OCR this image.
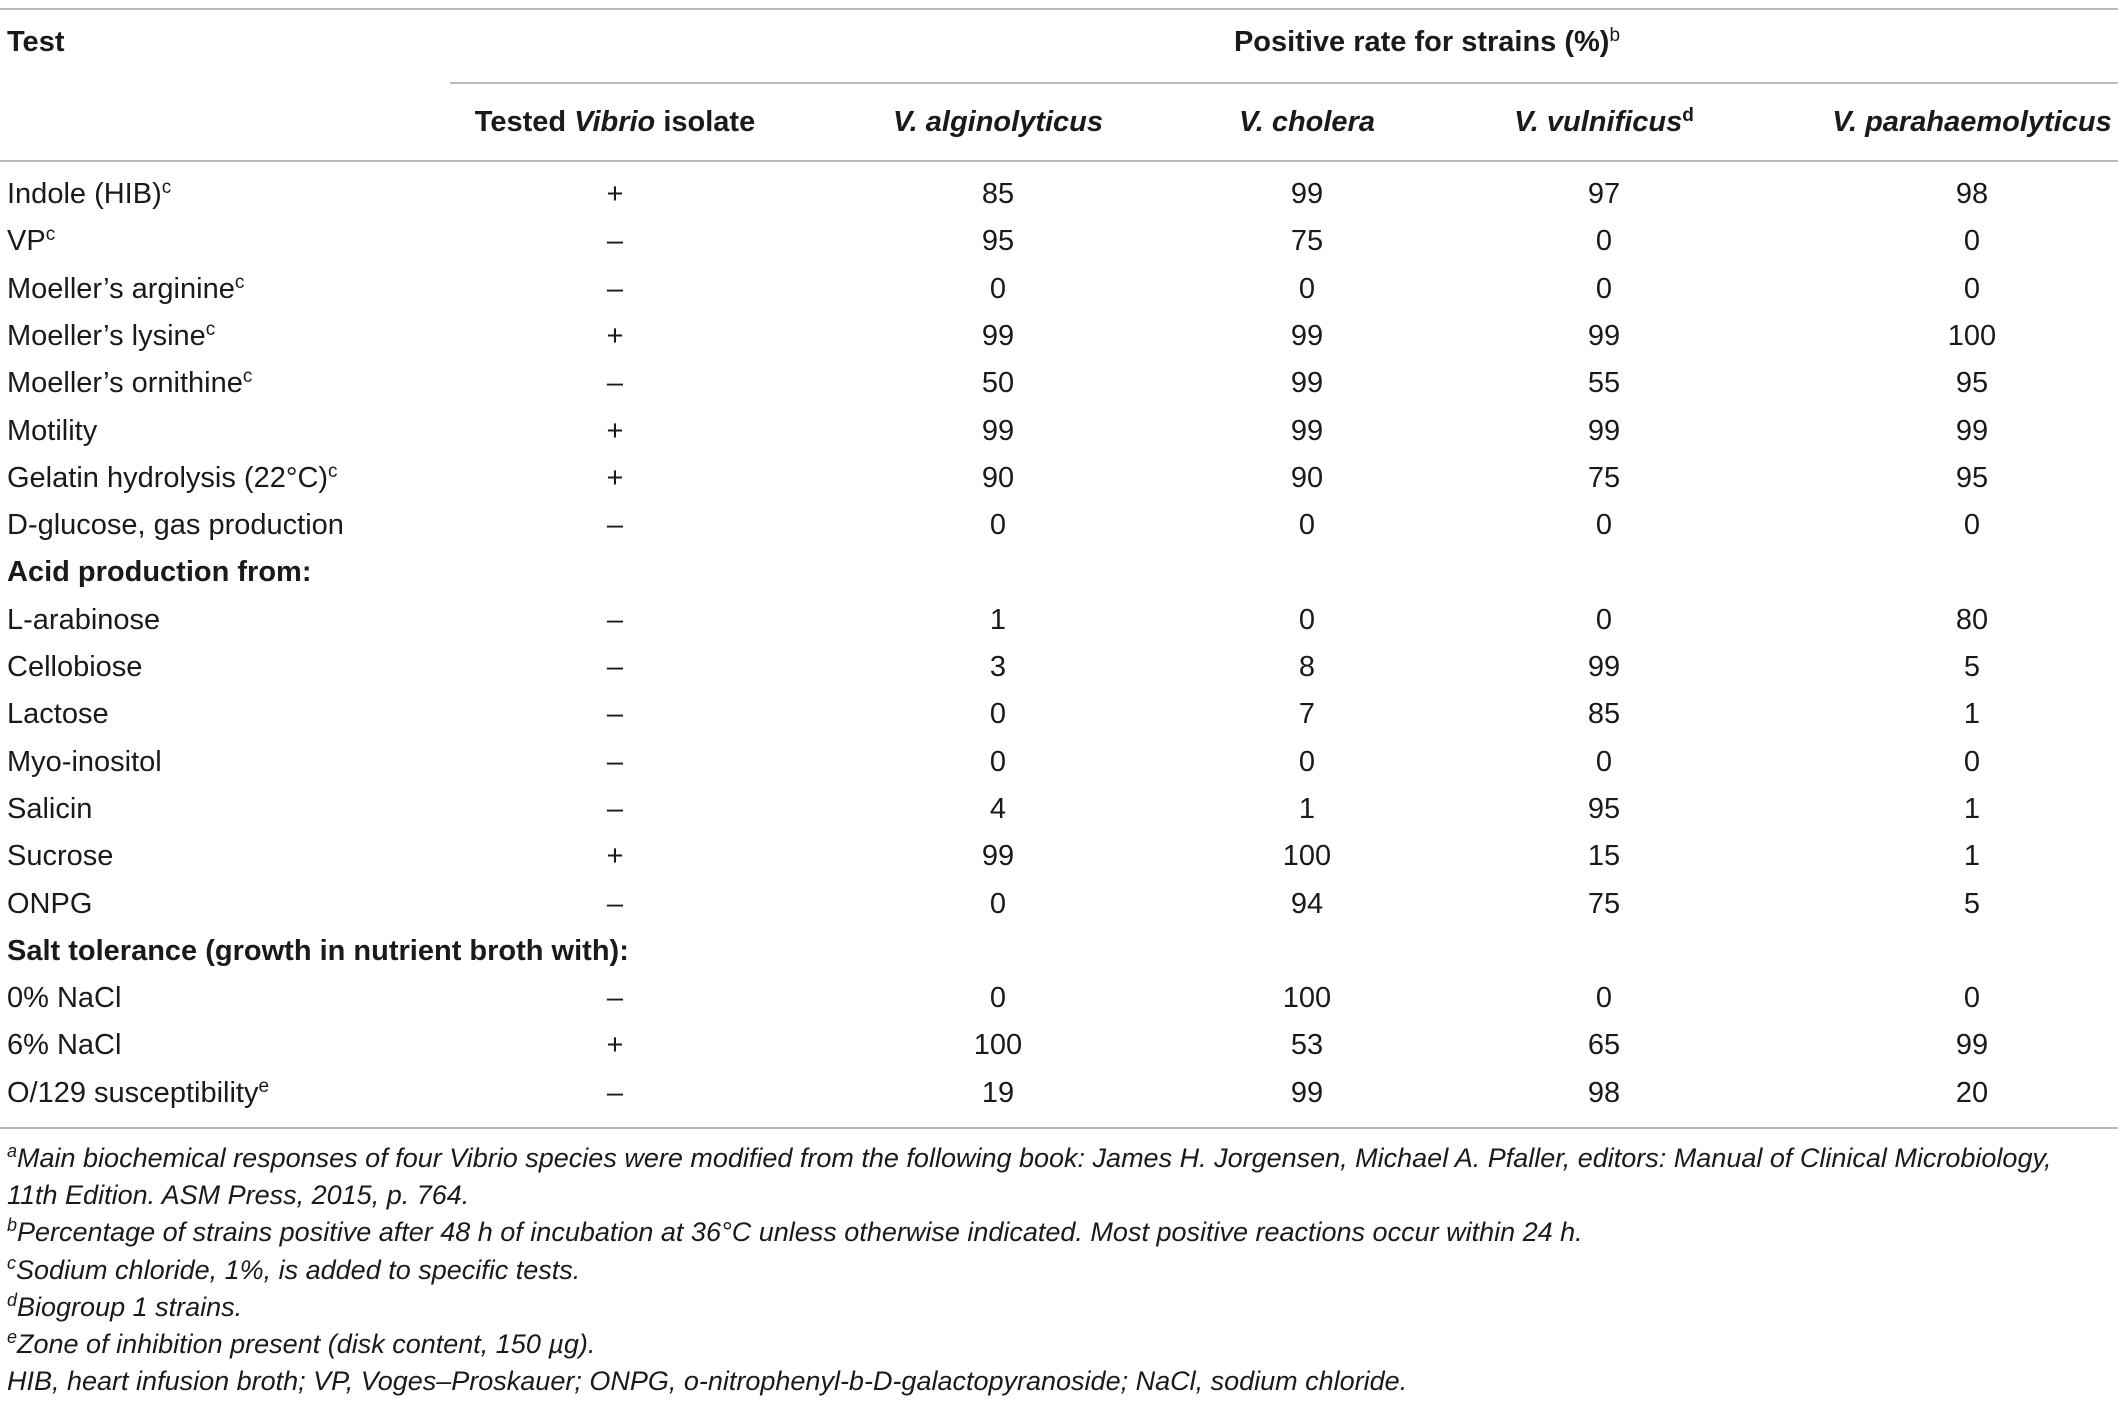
Test	Positive rate for strains (%)$^b$
Tested Vibrio isolate	V. alginolyticus	V. cholera	V. vulnificus$^d$	V. parahaemolyticus
Indole (HIB)$^c$	+	85	99	97	98
$VP^c$	–	95	75	0	0
Moeller’s arginine$^c$	–	0	0	0	0
Moeller’s lysine$^c$	+	99	99	99	100
Moeller’s ornithine$^c$	–	50	99	55	95
Motility	+	99	99	99	99
Gelatin hydrolysis $(22^\circ C)^c$	+	90	90	75	95
D-glucose, gas production	–	0	0	0	0
Acid production from:
L-arabinose	–	1	0	0	80
Cellobiose	–	3	8	99	5
Lactose	–	0	7	85	1
Myo-inositol	–	0	0	0	0
Salicin	–	4	1	95	1
Sucrose	+	99	100	15	1
ONPG	–	0	94	75	5
Salt tolerance (growth in nutrient broth with):
0% NaCl	–	0	100	0	0
6% NaCl	+	100	53	65	99
O/129 susceptibility$^e$	–	19	99	98	20
$^a$Main biochemical responses of four Vibrio species were modified from the following book: James H. Jorgensen, Michael A. Pfaller, editors: Manual of Clinical Microbiology,
11th Edition. ASM Press, 2015, p. 764.
$^b$Percentage of strains positive after 48 h of incubation at 36°C unless otherwise indicated. Most positive reactions occur within 24 h.
$^c$Sodium chloride, 1%, is added to specific tests.
$^d$Biogroup 1 strains.
$^e$Zone of inhibition present (disk content, 150 µg).
HIB, heart infusion broth; VP, Voges–Proskauer; ONPG, o-nitrophenyl-b-D-galactopyranoside; NaCl, sodium chloride.
